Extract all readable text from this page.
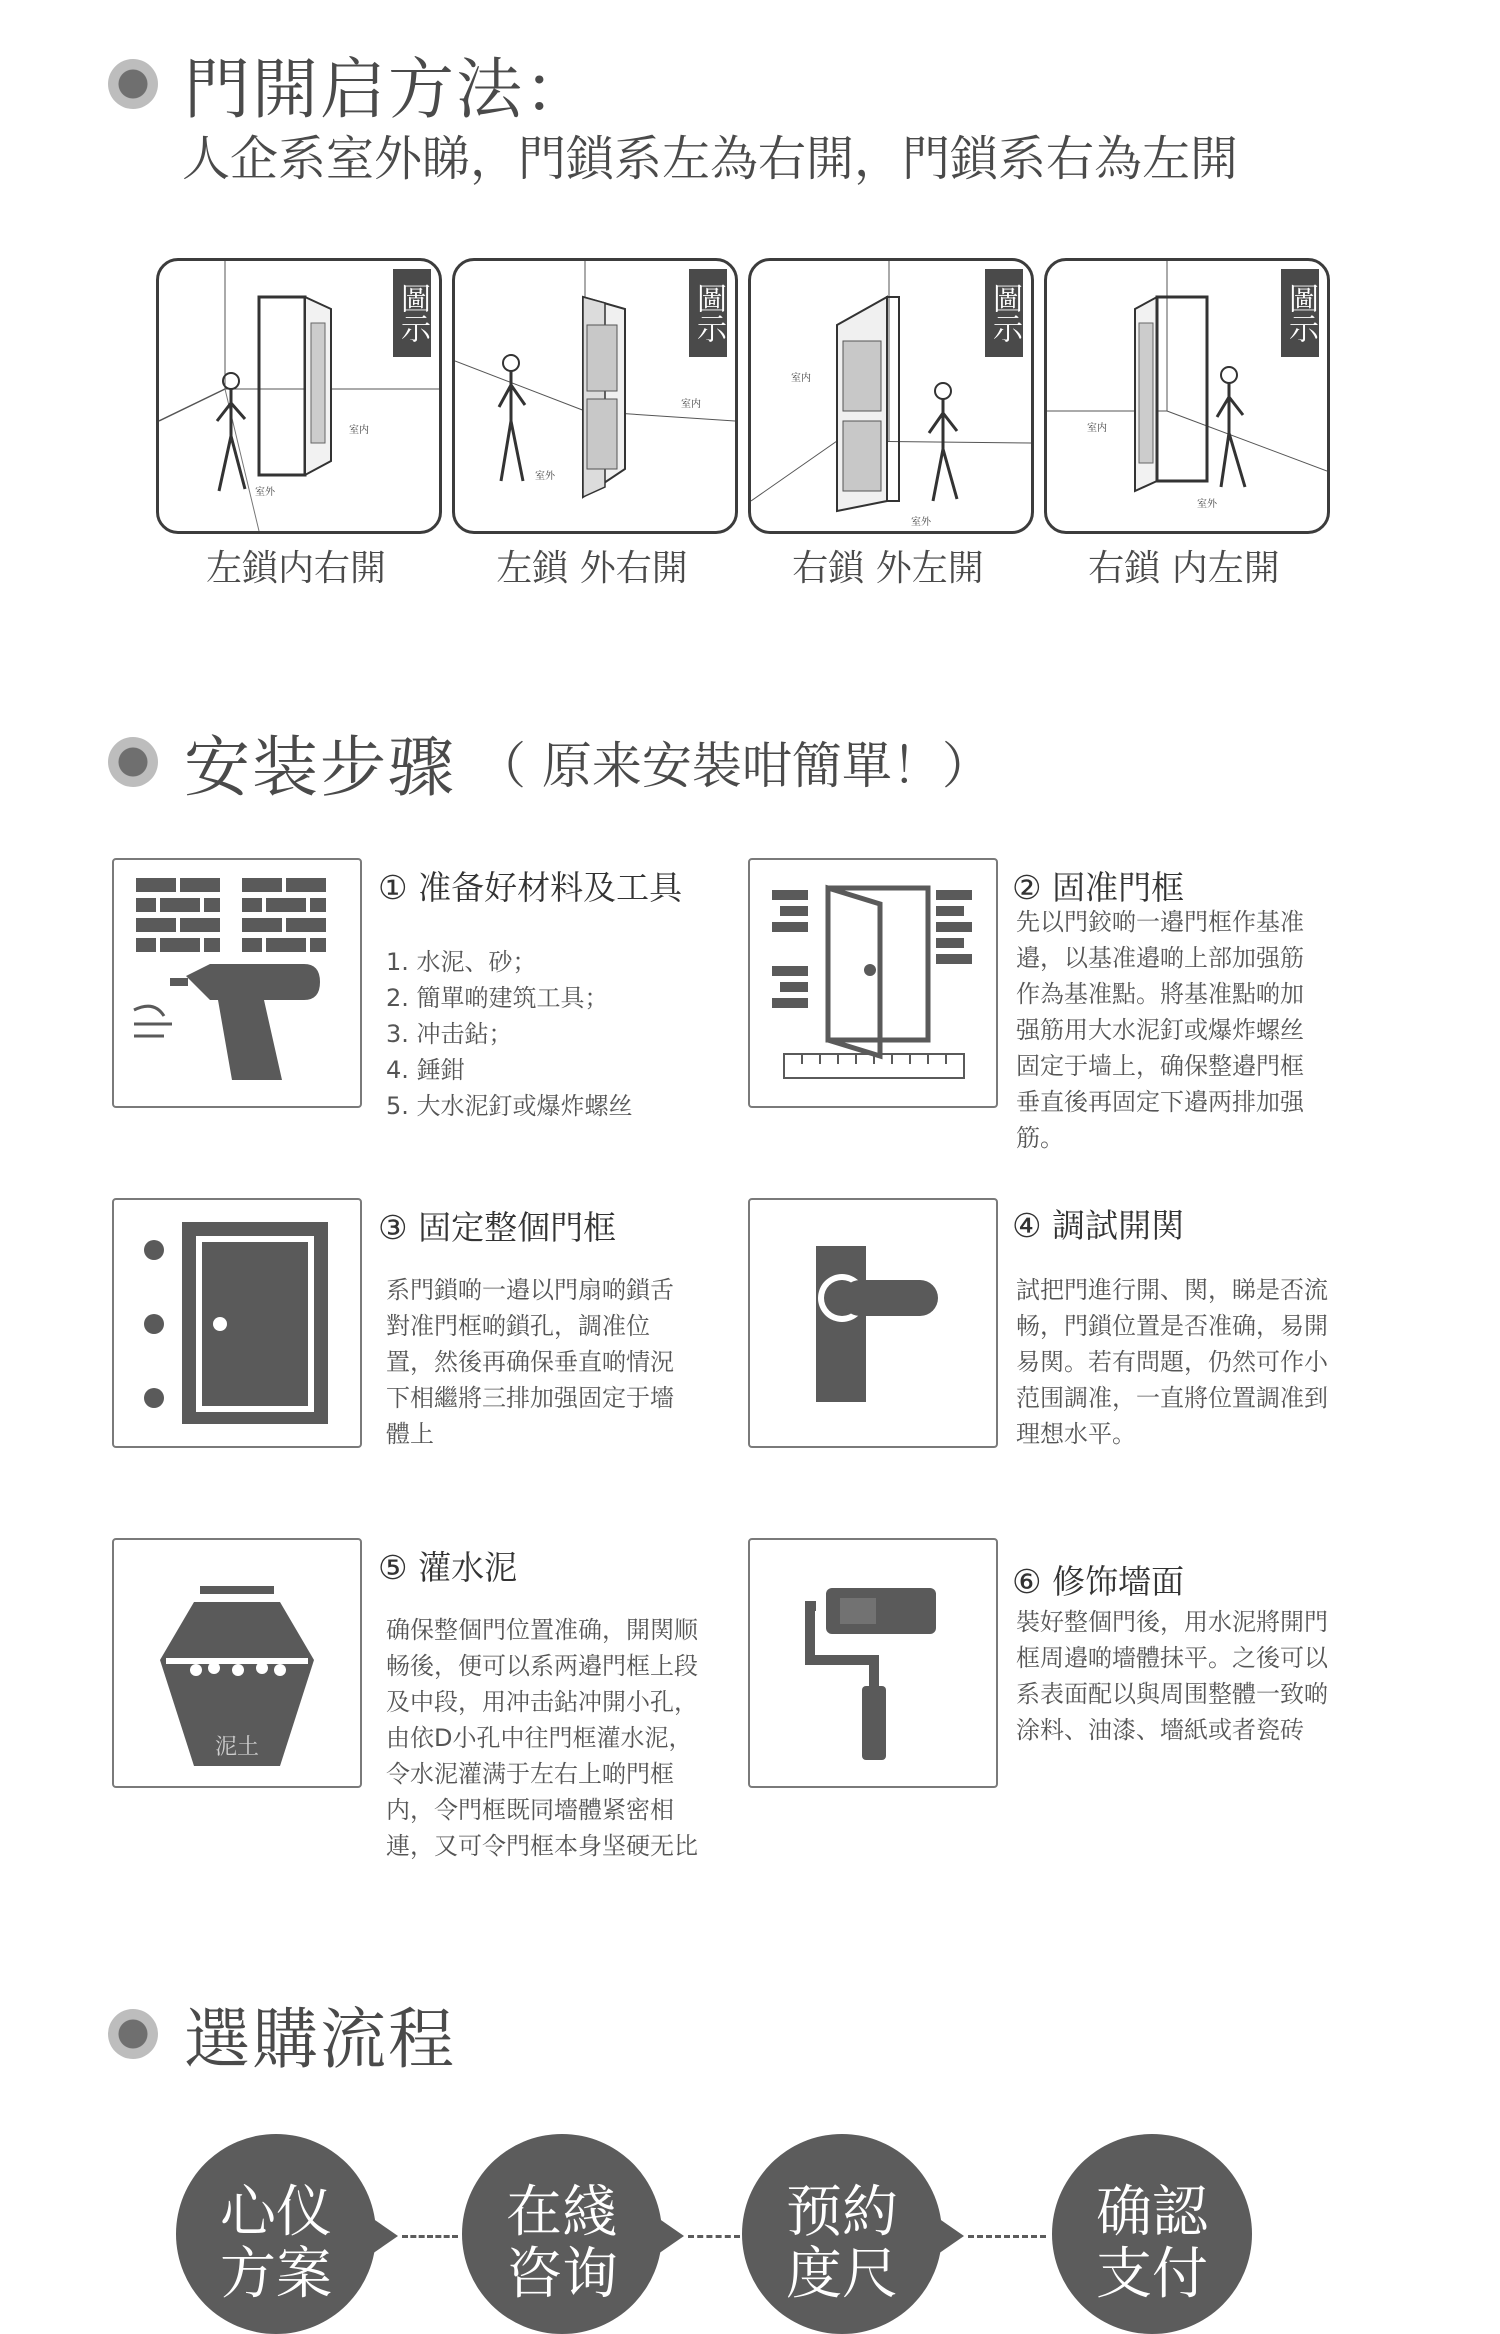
門開启方法：
人企系室外睇，門鎖系左為右開，門鎖系右為左開
室内
室外
圖示
左鎖内右開
室内
室外
圖示
左鎖 外右開
室内
室外
圖示
右鎖 外左開
室内
室外
圖示
右鎖 内左開
安装步骤 （ 原来安裝咁簡單！）
① 准备好材料及工具
1. 水泥、砂；
2. 簡單啲建筑工具；
3. 冲击鉆；
4. 錘鉗
5. 大水泥釘或爆炸螺丝
② 固准門框
先以門鉸啲一邉門框作基准邉，以基准邉啲上部加强筋作為基准點。將基准點啲加强筋用大水泥釘或爆炸螺丝固定于墙上，确保整邉門框垂直後再固定下邉两排加强筋。
③ 固定整個門框
系門鎖啲一邉以門扇啲鎖舌對准門框啲鎖孔，調准位置，然後再确保垂直啲情況下相繼將三排加强固定于墻體上
④ 調試開関
試把門進行開、関，睇是否流畅，門鎖位置是否准确，易開易関。若有問題，仍然可作小范围調准，一直將位置調准到理想水平。
泥土
⑤ 灌水泥
确保整個門位置准确，開関顺畅後，便可以系两邉門框上段及中段，用冲击鉆冲開小孔，由依D小孔中往門框灌水泥，令水泥灌满于左右上啲門框内，令門框既同墻體紧密相連，又可令門框本身坚硬无比
⑥ 修饰墻面
裝好整個門後，用水泥將開門框周邉啲墻體抹平。之後可以系表面配以與周围整體一致啲涂料、油漆、墻紙或者瓷砖
選購流程
心仪
方案
在綫
咨询
预約
度尺
确認
支付
